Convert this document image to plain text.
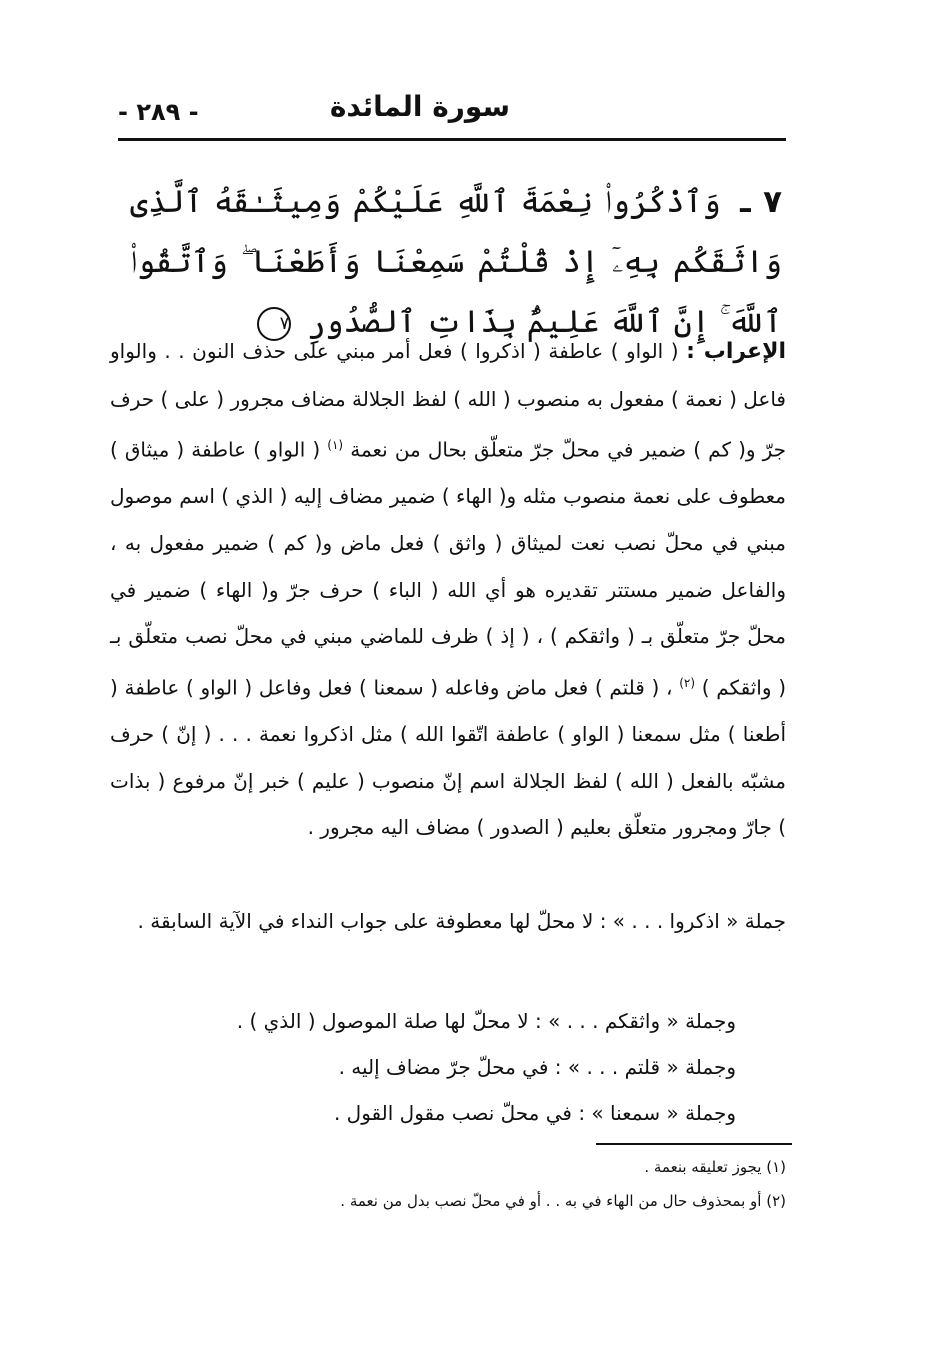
- ٢٨٩ -	سورة المائدة
٧ ـ وَٱذْكُرُوا۟ نِعْمَةَ ٱللَّهِ عَلَيْكُمْ وَمِيثَـٰقَهُ ٱلَّذِى وَاثَقَكُم بِهِۦٓ إِذْ قُلْتُمْ سَمِعْنَا وَأَطَعْنَا ۖ وَٱتَّقُوا۟ ٱللَّهَ ۚ إِنَّ ٱللَّهَ عَلِيمٌۢ بِذَاتِ ٱلصُّدُورِ ٧

الإعراب : ( الواو ) عاطفة ( اذكروا ) فعل أمر مبني على حذف النون . . والواو فاعل ( نعمة ) مفعول به منصوب ( الله ) لفظ الجلالة مضاف مجرور ( على ) حرف جرّ و( كم ) ضمير في محلّ جرّ متعلّق بحال من نعمة $^{(١)}$ ( الواو ) عاطفة ( ميثاق ) معطوف على نعمة منصوب مثله و( الهاء ) ضمير مضاف إليه ( الذي ) اسم موصول مبني في محلّ نصب نعت لميثاق ( واثق ) فعل ماض و( كم ) ضمير مفعول به ، والفاعل ضمير مستتر تقديره هو أي الله ( الباء ) حرف جرّ و( الهاء ) ضمير في محلّ جرّ متعلّق بـ ( واثقكم ) ، ( إذ ) ظرف للماضي مبني في محلّ نصب متعلّق بـ ( واثقكم ) $^{(٢)}$ ، ( قلتم ) فعل ماض وفاعله ( سمعنا ) فعل وفاعل ( الواو ) عاطفة ( أطعنا ) مثل سمعنا ( الواو ) عاطفة اتّقوا الله ) مثل اذكروا نعمة . . . ( إنّ ) حرف مشبّه بالفعل ( الله ) لفظ الجلالة اسم إنّ منصوب ( عليم ) خبر إنّ مرفوع ( بذات ) جارّ ومجرور متعلّق بعليم ( الصدور ) مضاف اليه مجرور .

جملة « اذكروا . . . » : لا محلّ لها معطوفة على جواب النداء في الآية السابقة .
وجملة « واثقكم . . . » : لا محلّ لها صلة الموصول ( الذي ) .
وجملة « قلتم . . . » : في محلّ جرّ مضاف إليه .
وجملة « سمعنا » : في محلّ نصب مقول القول .
(١) يجوز تعليقه بنعمة .
(٢) أو بمحذوف حال من الهاء في به . . أو في محلّ نصب بدل من نعمة .
